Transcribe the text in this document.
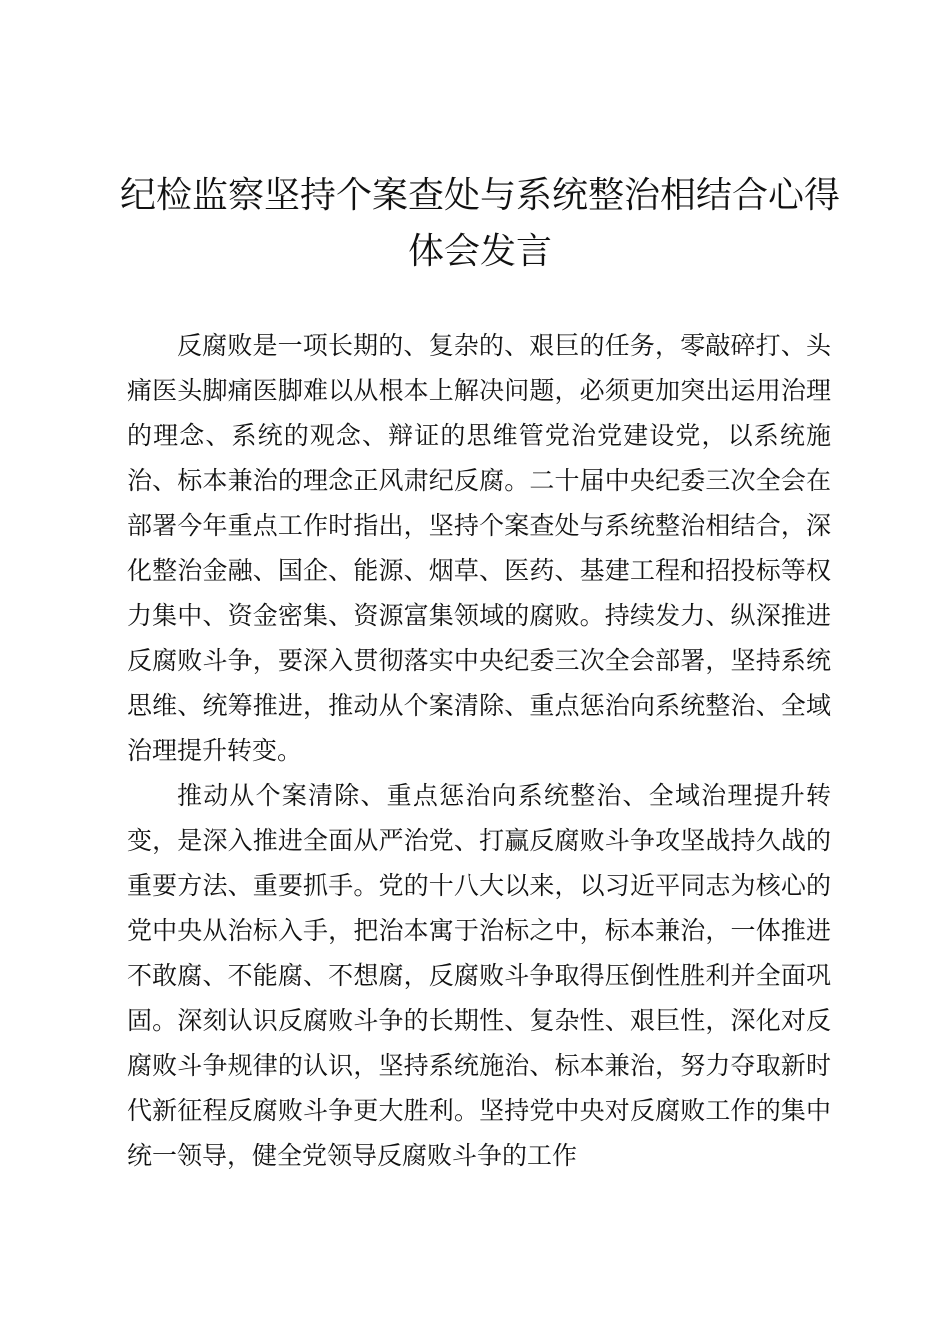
纪检监察坚持个案查处与系统整治相结合心得体会发言

反腐败是一项长期的、复杂的、艰巨的任务，零敲碎打、头痛医头脚痛医脚难以从根本上解决问题，必须更加突出运用治理的理念、系统的观念、辩证的思维管党治党建设党，以系统施治、标本兼治的理念正风肃纪反腐。二十届中央纪委三次全会在部署今年重点工作时指出，坚持个案查处与系统整治相结合，深化整治金融、国企、能源、烟草、医药、基建工程和招投标等权力集中、资金密集、资源富集领域的腐败。持续发力、纵深推进反腐败斗争，要深入贯彻落实中央纪委三次全会部署，坚持系统思维、统筹推进，推动从个案清除、重点惩治向系统整治、全域治理提升转变。

推动从个案清除、重点惩治向系统整治、全域治理提升转变，是深入推进全面从严治党、打赢反腐败斗争攻坚战持久战的重要方法、重要抓手。党的十八大以来，以习近平同志为核心的党中央从治标入手，把治本寓于治标之中，标本兼治，一体推进不敢腐、不能腐、不想腐，反腐败斗争取得压倒性胜利并全面巩固。深刻认识反腐败斗争的长期性、复杂性、艰巨性，深化对反腐败斗争规律的认识，坚持系统施治、标本兼治，努力夺取新时代新征程反腐败斗争更大胜利。坚持党中央对反腐败工作的集中统一领导，健全党领导反腐败斗争的工作
